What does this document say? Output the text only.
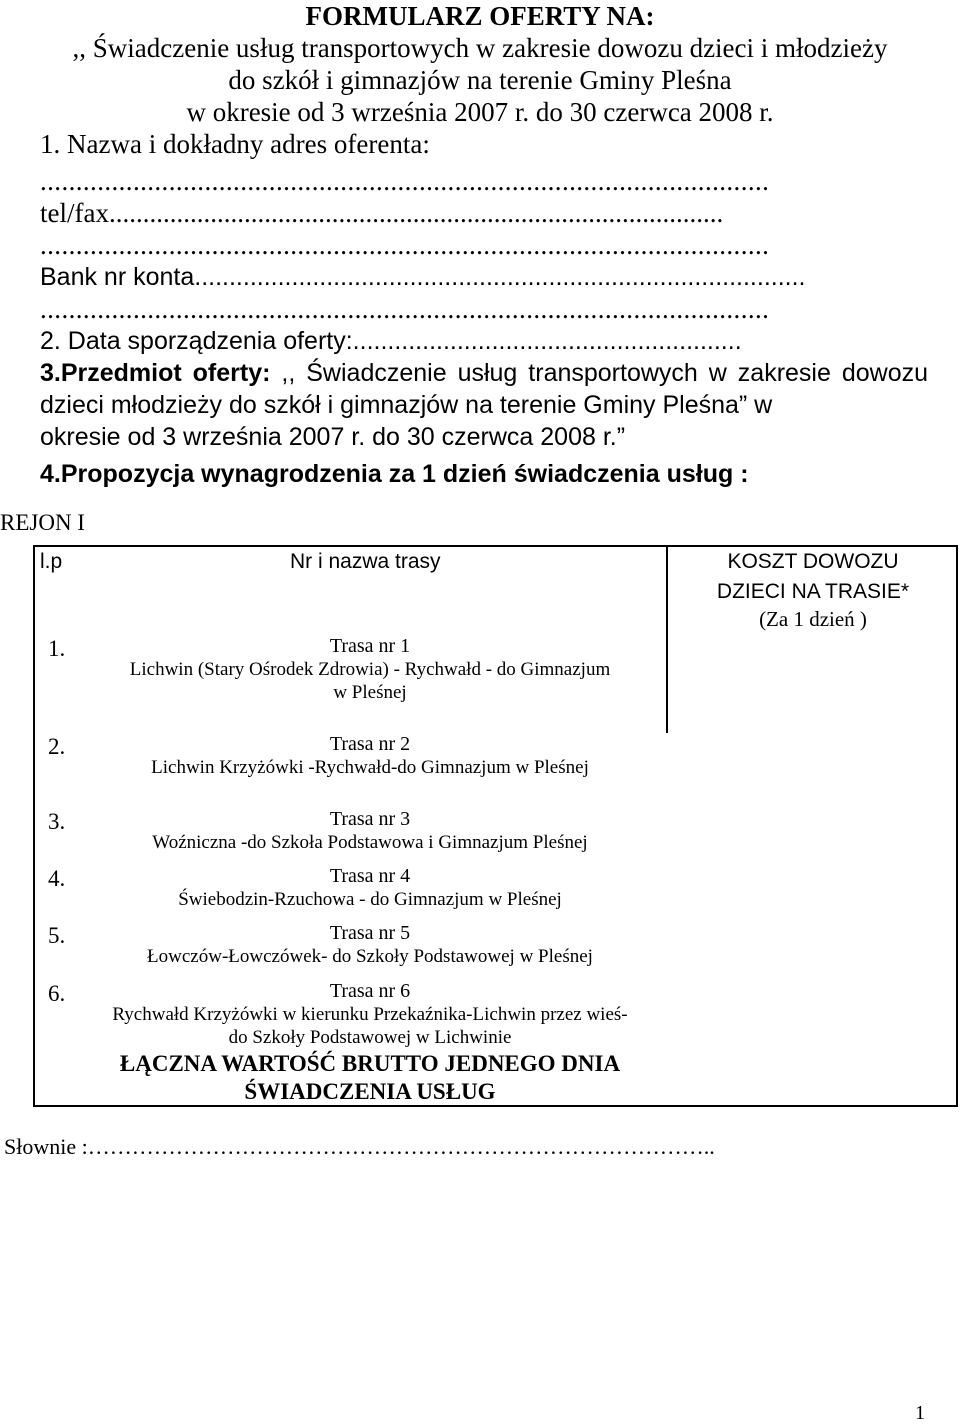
FORMULARZ OFERTY NA:
,, Świadczenie usług transportowych w zakresie dowozu dzieci i młodzieży
do szkół i gimnazjów na terenie Gminy Pleśna
w okresie od 3 września 2007 r. do 30 czerwca 2008 r.
1. Nazwa i dokładny adres oferenta:
......................................................................................................
tel/fax...........................................................................................
......................................................................................................
Bank nr konta........................................................................................
......................................................................................................
2. Data sporządzenia oferty:........................................................
3.Przedmiot oferty: ,, Świadczenie usług transportowych w zakresie dowozu dzieci młodzieży do szkół i gimnazjów na terenie Gminy Pleśna” w
okresie od 3 września 2007 r. do 30 czerwca 2008 r.”
4.Propozycja wynagrodzenia za 1 dzień świadczenia usług :
REJON I
l.p	Nr i nazwa trasy	KOSZT DOWOZU
DZIECI NA TRASIE*
(Za 1 dzień )
1.	Trasa nr 1
Lichwin (Stary Ośrodek Zdrowia) - Rychwałd - do Gimnazjum
w Pleśnej
2.	Trasa nr 2
Lichwin Krzyżówki -Rychwałd-do Gimnazjum w Pleśnej
3.	Trasa nr 3
Woźniczna -do Szkoła Podstawowa i Gimnazjum Pleśnej
4.	Trasa nr 4
Świebodzin-Rzuchowa - do Gimnazjum w Pleśnej
5.	Trasa nr 5
Łowczów-Łowczówek- do Szkoły Podstawowej w Pleśnej
6.	Trasa nr 6
Rychwałd Krzyżówki w kierunku Przekaźnika-Lichwin przez wieś-
do Szkoły Podstawowej w Lichwinie
ŁĄCZNA WARTOŚĆ BRUTTO JEDNEGO DNIA
ŚWIADCZENIA USŁUG
Słownie :…………………………………………………………………………..
1
